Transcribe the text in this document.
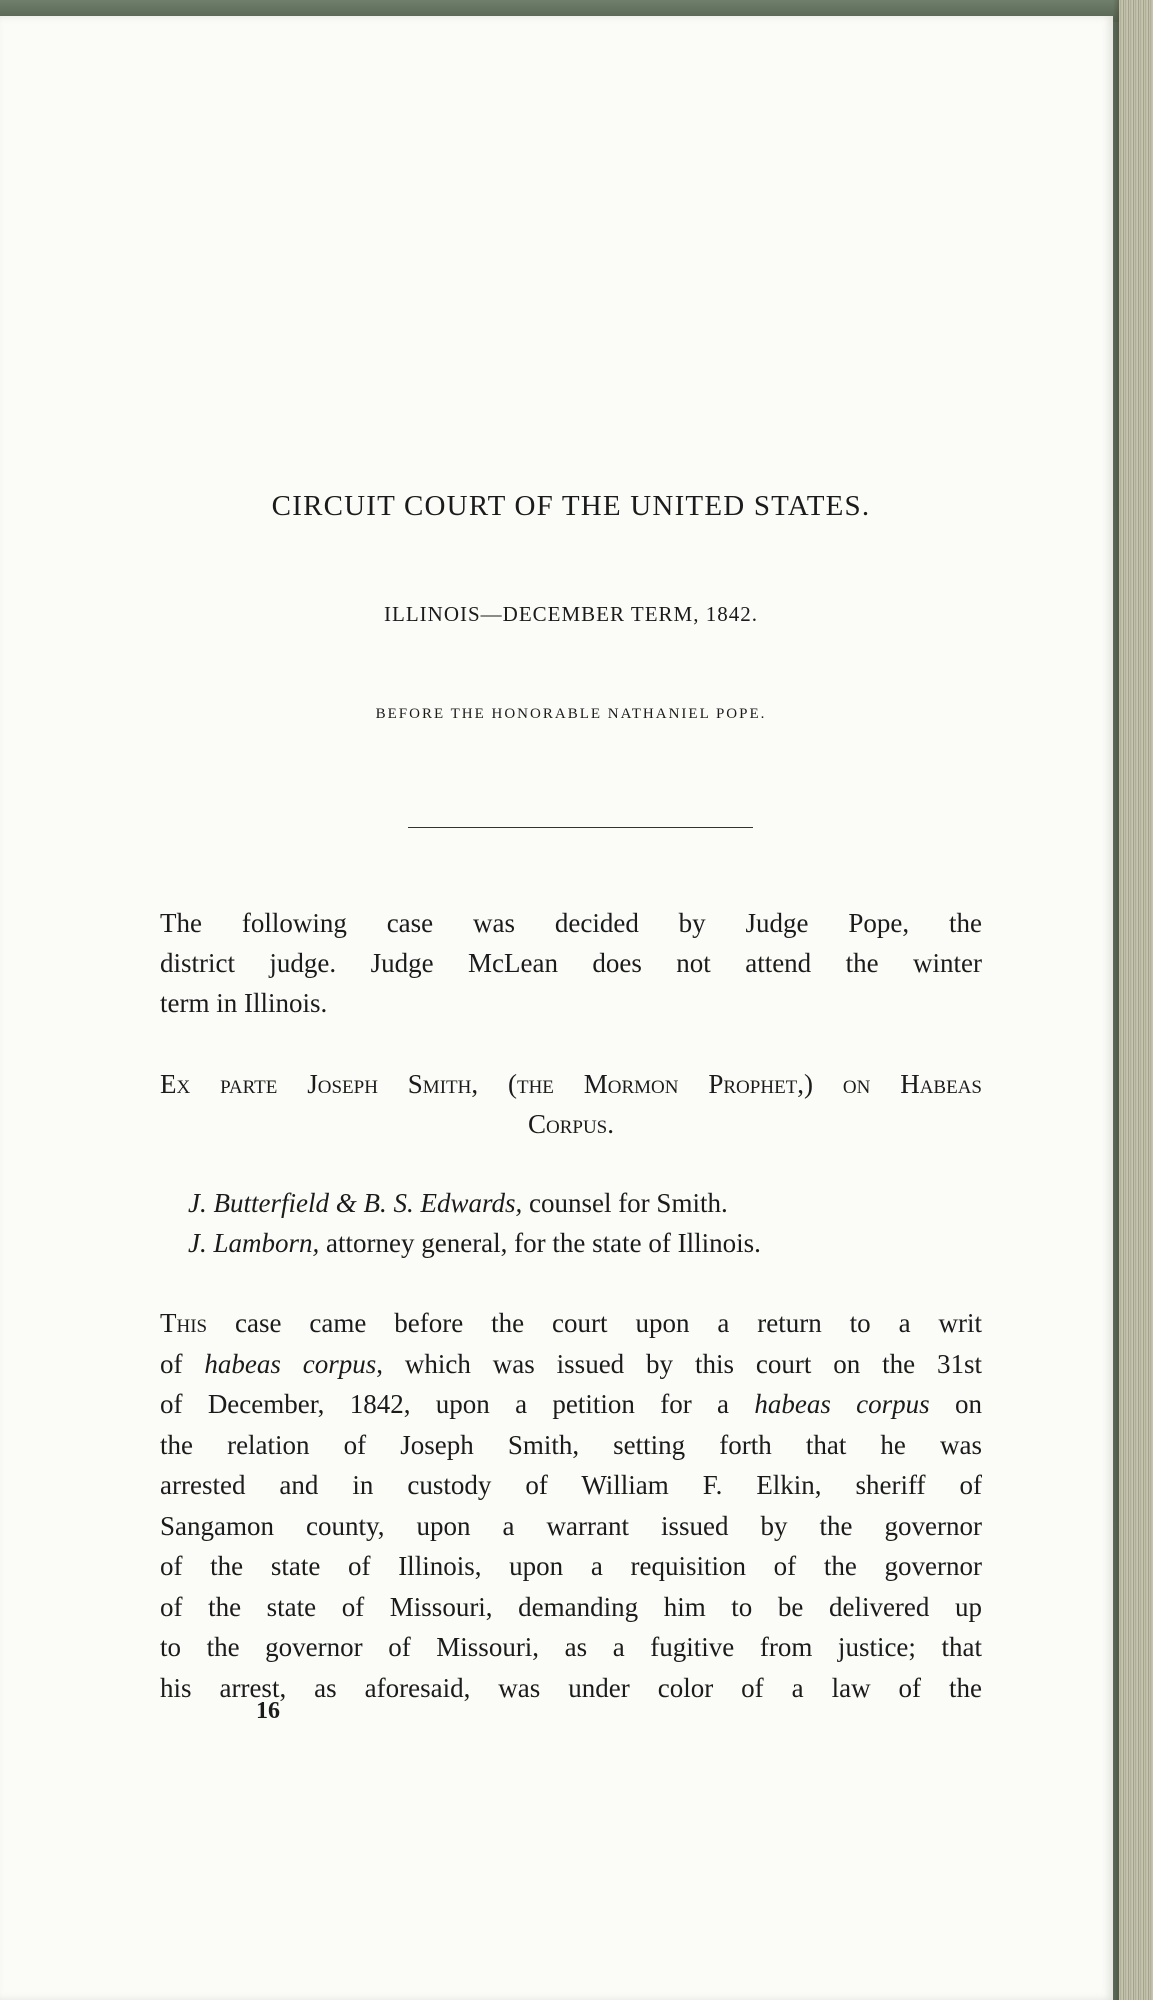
CIRCUIT COURT OF THE UNITED STATES.
ILLINOIS—DECEMBER TERM, 1842.
BEFORE THE HONORABLE NATHANIEL POPE.
The following case was decided by Judge Pope, the
district judge. Judge McLean does not attend the winter
term in Illinois.
Ex parte Joseph Smith, (the Mormon Prophet,) on Habeas
Corpus.
J. Butterfield & B. S. Edwards, counsel for Smith.
J. Lamborn, attorney general, for the state of Illinois.
This case came before the court upon a return to a writ
of habeas corpus, which was issued by this court on the 31st
of December, 1842, upon a petition for a habeas corpus on
the relation of Joseph Smith, setting forth that he was
arrested and in custody of William F. Elkin, sheriff of
Sangamon county, upon a warrant issued by the governor
of the state of Illinois, upon a requisition of the governor
of the state of Missouri, demanding him to be delivered up
to the governor of Missouri, as a fugitive from justice; that
his arrest, as aforesaid, was under color of a law of the
16
